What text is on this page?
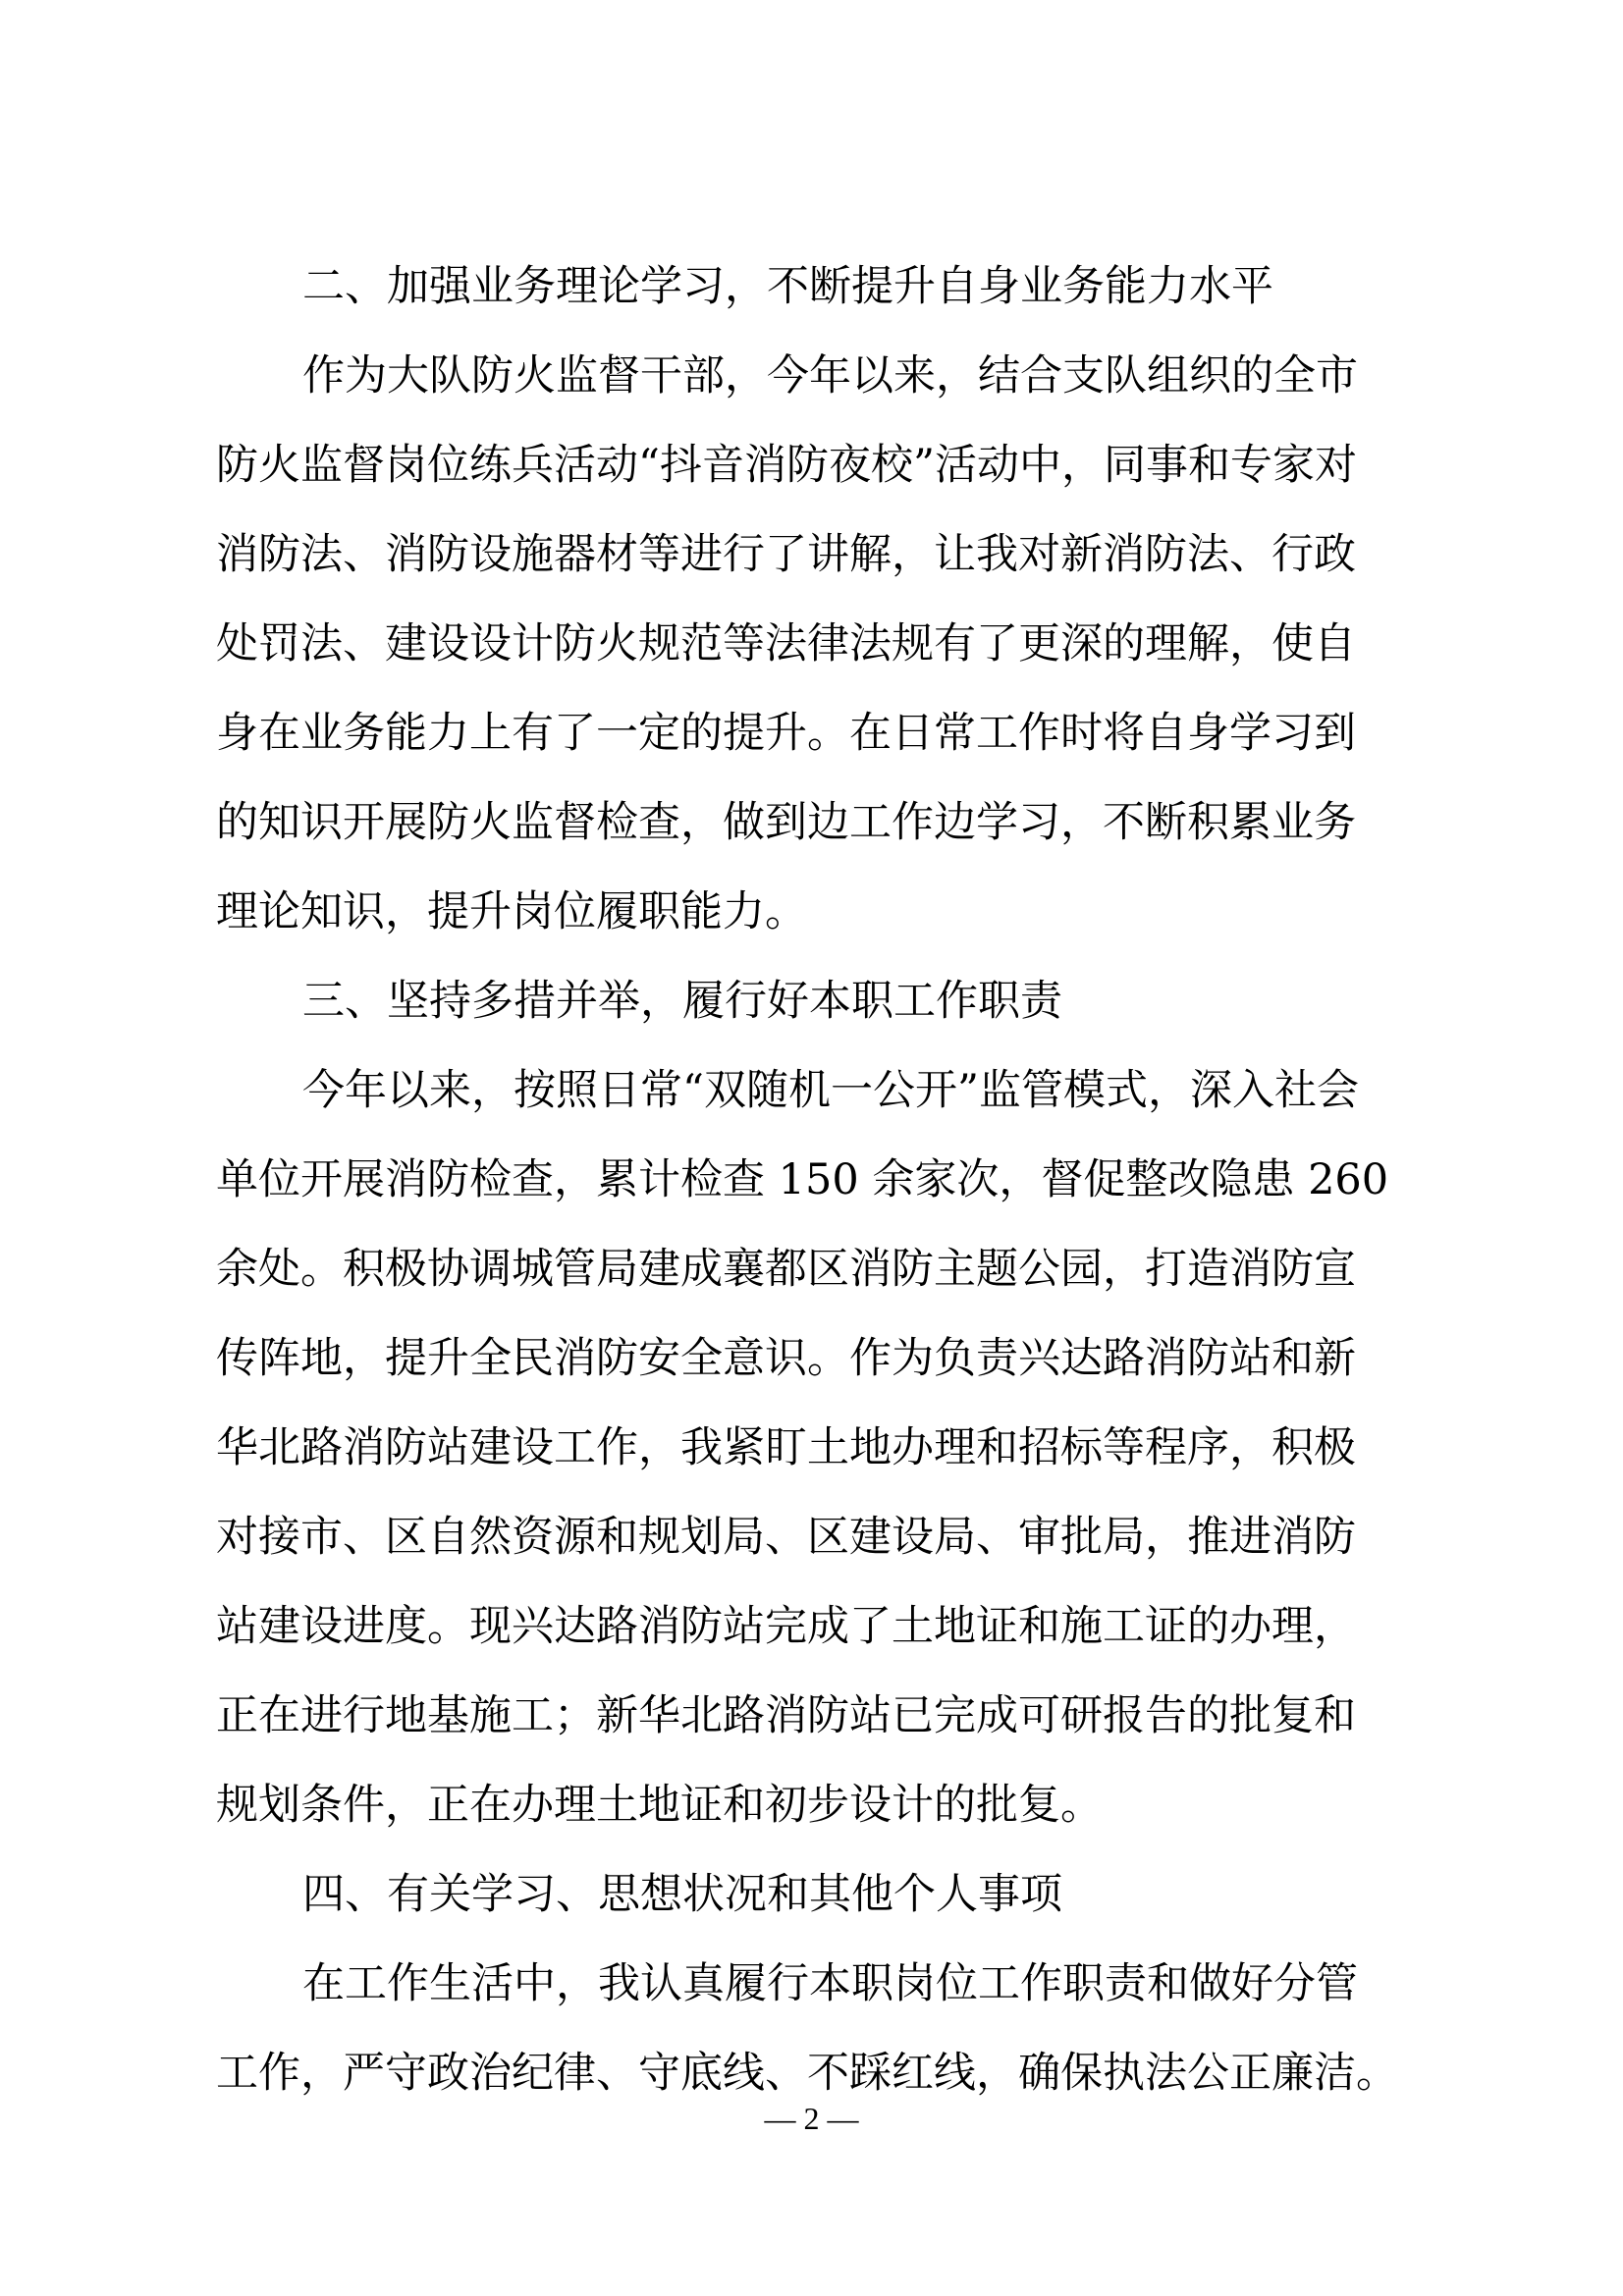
二、加强业务理论学习，不断提升自身业务能力水平
作为大队防火监督干部，今年以来，结合支队组织的全市
防火监督岗位练兵活动“抖音消防夜校”活动中，同事和专家对
消防法、消防设施器材等进行了讲解，让我对新消防法、行政
处罚法、建设设计防火规范等法律法规有了更深的理解，使自
身在业务能力上有了一定的提升。在日常工作时将自身学习到
的知识开展防火监督检查，做到边工作边学习，不断积累业务
理论知识，提升岗位履职能力。
三、坚持多措并举，履行好本职工作职责
今年以来，按照日常“双随机一公开”监管模式，深入社会
单位开展消防检查，累计检查 150 余家次，督促整改隐患 260
余处。积极协调城管局建成襄都区消防主题公园，打造消防宣
传阵地，提升全民消防安全意识。作为负责兴达路消防站和新
华北路消防站建设工作，我紧盯土地办理和招标等程序，积极
对接市、区自然资源和规划局、区建设局、审批局，推进消防
站建设进度。现兴达路消防站完成了土地证和施工证的办理，
正在进行地基施工；新华北路消防站已完成可研报告的批复和
规划条件，正在办理土地证和初步设计的批复。
四、有关学习、思想状况和其他个人事项
在工作生活中，我认真履行本职岗位工作职责和做好分管
工作，严守政治纪律、守底线、不踩红线，确保执法公正廉洁。
— 2 —
